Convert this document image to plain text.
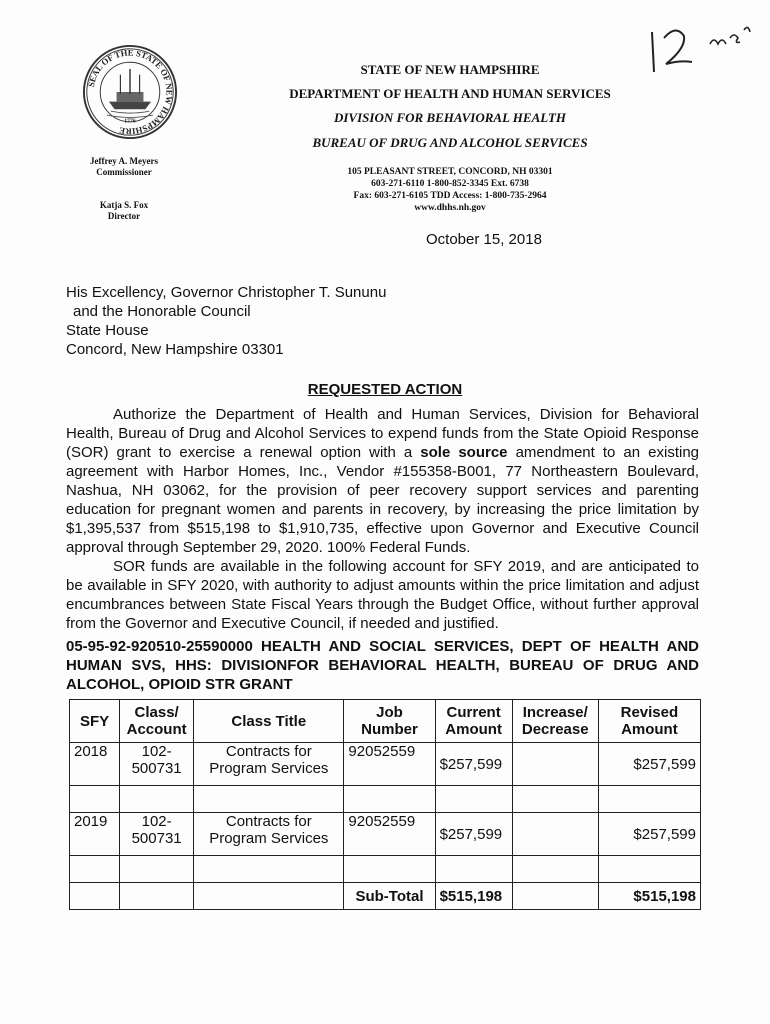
SEAL OF THE STATE OF NEW HAMPSHIRE
1776
STATE OF NEW HAMPSHIRE
DEPARTMENT OF HEALTH AND HUMAN SERVICES
DIVISION FOR BEHAVIORAL HEALTH
BUREAU OF DRUG AND ALCOHOL SERVICES
105 PLEASANT STREET, CONCORD, NH 03301
603-271-6110 1-800-852-3345 Ext. 6738
Fax: 603-271-6105 TDD Access: 1-800-735-2964
www.dhhs.nh.gov
Jeffrey A. Meyers
Commissioner
Katja S. Fox
Director
October 15, 2018
His Excellency, Governor Christopher T. Sununu
and the Honorable Council
State House
Concord, New Hampshire 03301
REQUESTED ACTION
Authorize the Department of Health and Human Services, Division for Behavioral Health, Bureau of Drug and Alcohol Services to expend funds from the State Opioid Response (SOR) grant to exercise a renewal option with a sole source amendment to an existing agreement with Harbor Homes, Inc., Vendor #155358-B001, 77 Northeastern Boulevard, Nashua, NH 03062, for the provision of peer recovery support services and parenting education for pregnant women and parents in recovery, by increasing the price limitation by $1,395,537 from $515,198 to $1,910,735, effective upon Governor and Executive Council approval through September 29, 2020. 100% Federal Funds.
SOR funds are available in the following account for SFY 2019, and are anticipated to be available in SFY 2020, with authority to adjust amounts within the price limitation and adjust encumbrances between State Fiscal Years through the Budget Office, without further approval from the Governor and Executive Council, if needed and justified.
05-95-92-920510-25590000 HEALTH AND SOCIAL SERVICES, DEPT OF HEALTH AND HUMAN SVS, HHS: DIVISIONFOR BEHAVIORAL HEALTH, BUREAU OF DRUG AND ALCOHOL, OPIOID STR GRANT
SFY	Class/ Account	Class Title	Job Number	Current Amount	Increase/ Decrease	Revised Amount
2018	102-500731	Contracts for Program Services	92052559	$257,599		$257,599

2019	102-500731	Contracts for Program Services	92052559	$257,599		$257,599

			Sub-Total	$515,198		$515,198
